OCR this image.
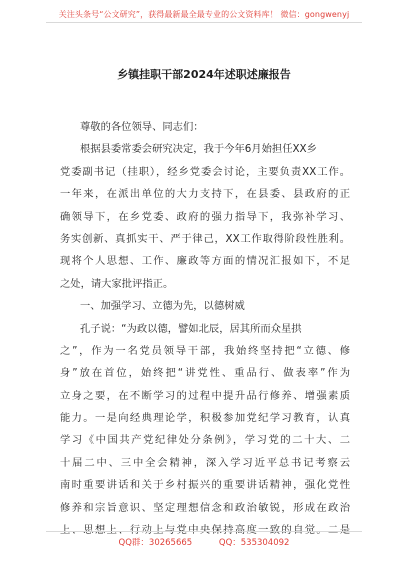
关注头条号“公文研究”，获得最新最全最专业的公文资料库！ 微信：gongwenyj
乡镇挂职干部2024年述职述廉报告
尊敬的各位领导、同志们：
根据县委常委会研究决定，我于今年6月始担任XX乡
党委副书记（挂职），经乡党委会讨论，主要负责XX工作。
一年来，在派出单位的大力支持下，在县委、县政府的正
确领导下，在乡党委、政府的强力指导下，我弥补学习、
务实创新、真抓实干、严于律己，XX工作取得阶段性胜利。
现将个人思想、工作、廉政等方面的情况汇报如下，不足
之处，请大家批评指正。
一、加强学习、立德为先，以德树威
孔子说：“为政以德，譬如北辰，居其所而众星拱
之”，作为一名党员领导干部，我始终坚持把“立德、修
身”放在首位，始终把“讲党性、重品行、做表率”作为
立身之要，在不断学习的过程中提升品行修养、增强素质
能力。一是向经典理论学，积极参加党纪学习教育，认真
学习《中国共产党纪律处分条例》，学习党的二十大、二
十届二中、三中全会精神，深入学习近平总书记考察云
南时重要讲话和关于乡村振兴的重要讲话精神，强化党性
修养和宗旨意识、坚定理想信念和政治敏锐，形成在政治
QQ群：30265665	QQ：535304092
